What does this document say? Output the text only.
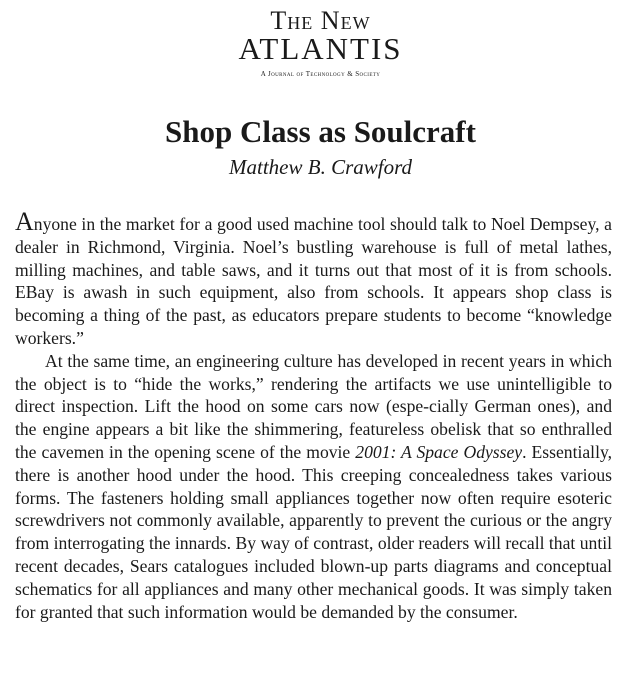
The New
ATLANTIS
A Journal of Technology & Society
Shop Class as Soulcraft
Matthew B. Crawford

Anyone in the market for a good used machine tool should talk to Noel Dempsey, a dealer in Richmond, Virginia. Noel’s bustling warehouse is full of metal lathes, milling machines, and table saws, and it turns out that most of it is from schools. EBay is awash in such equipment, also from schools. It appears shop class is becoming a thing of the past, as educators prepare students to become “knowledge workers.”

At the same time, an engineering culture has developed in recent years in which the object is to “hide the works,” rendering the artifacts we use unintelligible to direct inspection. Lift the hood on some cars now (espe-cially German ones), and the engine appears a bit like the shimmering, featureless obelisk that so enthralled the cavemen in the opening scene of the movie 2001: A Space Odyssey. Essentially, there is another hood under the hood. This creeping concealedness takes various forms. The fasteners holding small appliances together now often require esoteric screwdrivers not commonly available, apparently to prevent the curious or the angry from interrogating the innards. By way of contrast, older readers will recall that until recent decades, Sears catalogues included blown-up parts diagrams and conceptual schematics for all appliances and many other mechanical goods. It was simply taken for granted that such information would be demanded by the consumer.
